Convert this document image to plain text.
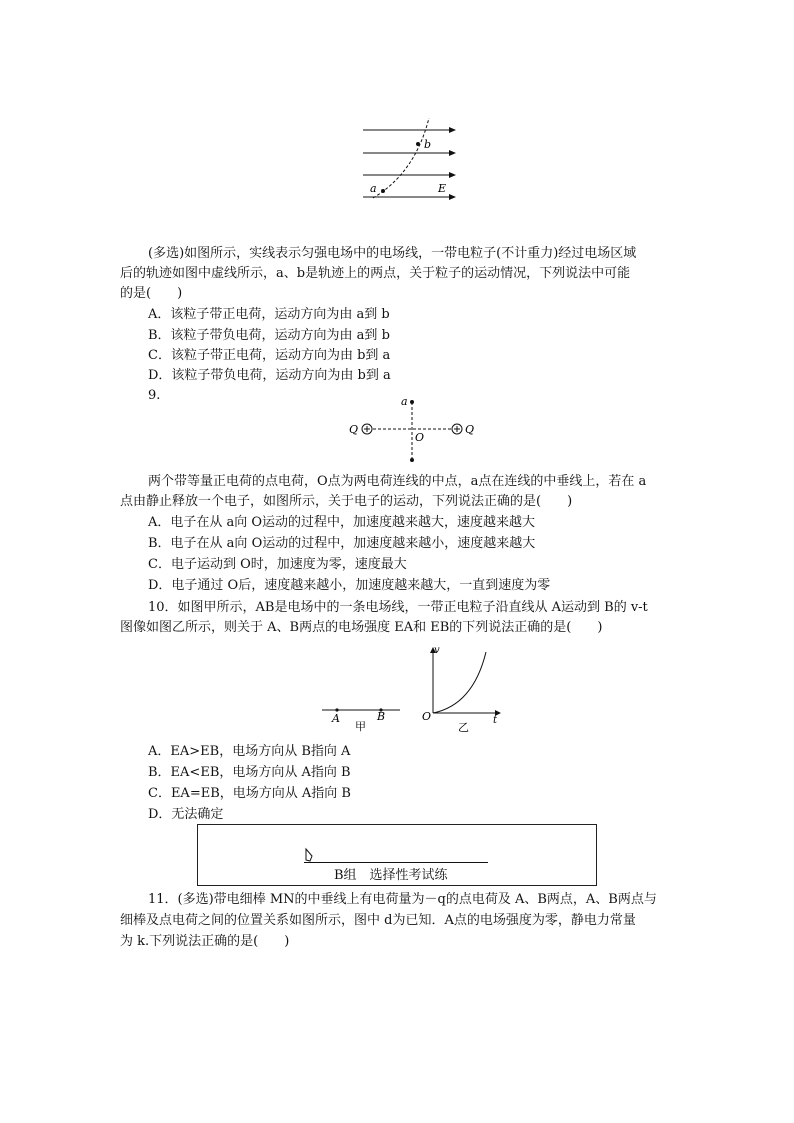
b
a	E
(多选)如图所示，实线表示匀强电场中的电场线，一带电粒子(不计重力)经过电场区域
后的轨迹如图中虚线所示，a、b是轨迹上的两点，关于粒子的运动情况，下列说法中可能
的是(　　)
A．该粒子带正电荷，运动方向为由 a到 b
B．该粒子带负电荷，运动方向为由 a到 b
C．该粒子带正电荷，运动方向为由 b到 a
D．该粒子带负电荷，运动方向为由 b到 a
9.	a
Q	Q
O
两个带等量正电荷的点电荷，O点为两电荷连线的中点，a点在连线的中垂线上，若在 a
点由静止释放一个电子，如图所示，关于电子的运动，下列说法正确的是(　　)
A．电子在从 a向 O运动的过程中，加速度越来越大，速度越来越大
B．电子在从 a向 O运动的过程中，加速度越来越小，速度越来越大
C．电子运动到 O时，加速度为零，速度最大
D．电子通过 O后，速度越来越小，加速度越来越大，一直到速度为零
10．如图甲所示，AB是电场中的一条电场线，一带正电粒子沿直线从 A运动到 B的 v-t
图像如图乙所示，则关于 A、B两点的电场强度 EA和 EB的下列说法正确的是(　　)
A	B
甲
v
O	t
乙
A．EA>EB，电场方向从 B指向 A
B．EA<EB，电场方向从 A指向 B
C．EA=EB，电场方向从 A指向 B
D．无法确定
B组　选择性考试练
11．(多选)带电细棒 MN的中垂线上有电荷量为－q的点电荷及 A、B两点，A、B两点与
细棒及点电荷之间的位置关系如图所示，图中 d为已知．A点的电场强度为零，静电力常量
为 k.下列说法正确的是(　　)
